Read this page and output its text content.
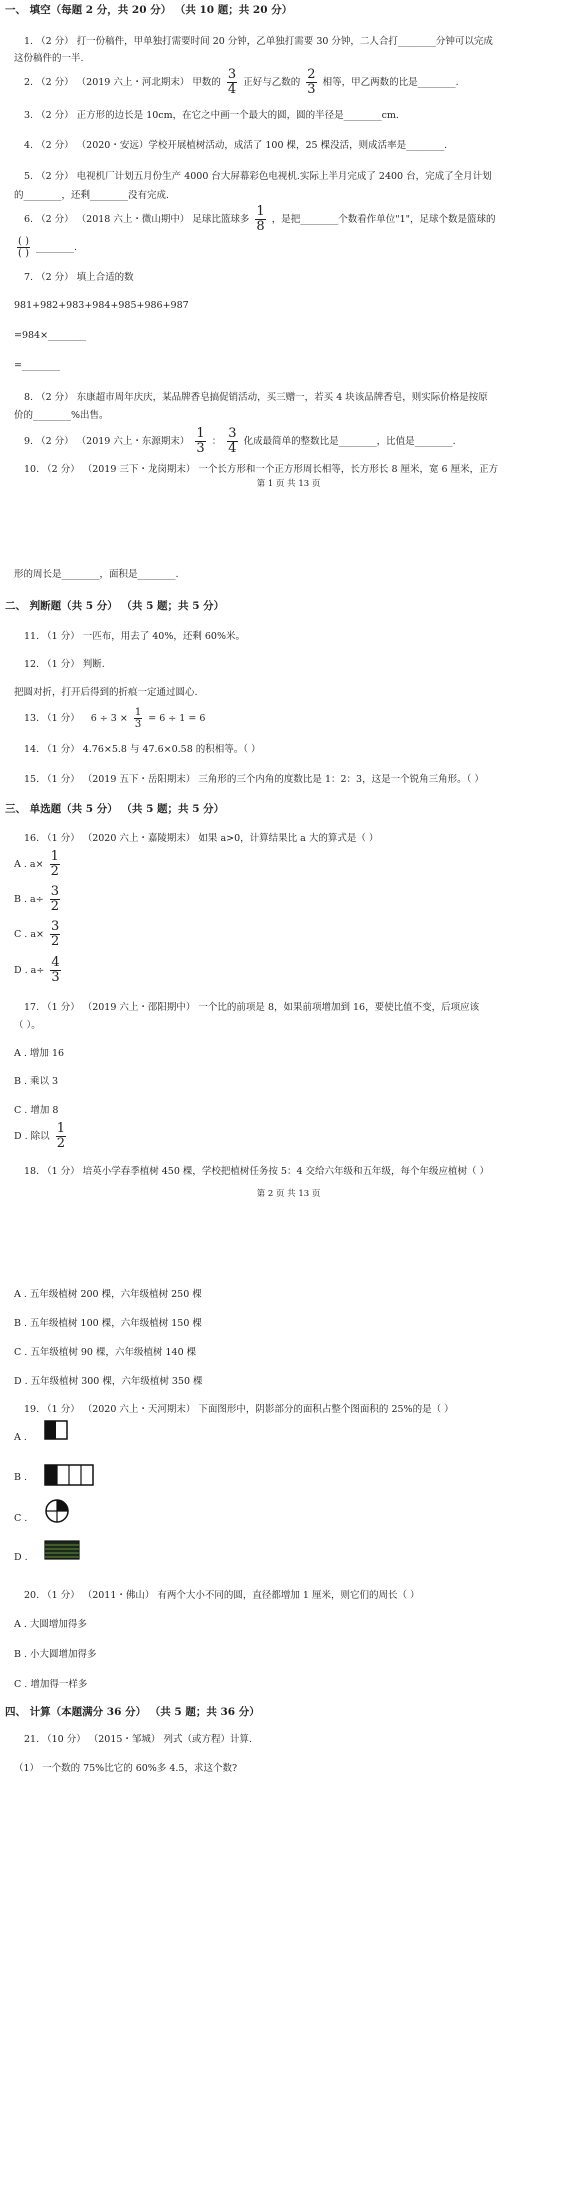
一、 填空（每题 2 分，共 20 分） （共 10 题；共 20 分）
1. （2 分） 打一份稿件，甲单独打需要时间 20 分钟，乙单独打需要 30 分钟，二人合打________分钟可以完成
这份稿件的一半.
2. （2 分） （2019 六上・河北期末） 甲数的 $\frac{3}{4}$ 正好与乙数的 $\frac{2}{3}$ 相等，甲乙两数的比是________.
3. （2 分） 正方形的边长是 10cm，在它之中画一个最大的圆，圆的半径是________cm.
4. （2 分） （2020・安远）学校开展植树活动，成活了 100 棵，25 棵没活，则成活率是________.
5. （2 分） 电视机厂计划五月份生产 4000 台大屏幕彩色电视机.实际上半月完成了 2400 台，完成了全月计划
的________，还剩________没有完成.
6. （2 分） （2018 六上・微山期中） 足球比篮球多 $\frac{1}{8}$ ，是把________个数看作单位"1"，足球个数是篮球的
$\frac{( )}{( )}$ ________.
7. （2 分） 填上合适的数
981+982+983+984+985+986+987
=984×________
=________
8. （2 分） 东康超市周年庆庆，某品牌香皂搞促销活动，买三赠一，若买 4 块该品牌香皂，则实际价格是按原
价的________%出售。
9. （2 分） （2019 六上・东源期末） $\frac{1}{3}$ ： $\frac{3}{4}$ 化成最简单的整数比是________，比值是________.
10. （2 分） （2019 三下・龙岗期末） 一个长方形和一个正方形周长相等，长方形长 8 厘米，宽 6 厘米，正方
第 1 页 共 13 页
形的周长是________，面积是________.
二、 判断题（共 5 分） （共 5 题；共 5 分）
11. （1 分） 一匹布，用去了 40%，还剩 60%米。
12. （1 分） 判断.
把圆对折，打开后得到的折痕一定通过圆心.
13. （1 分） $6 \div 3 \times \frac{1}{3} = 6 \div 1 = 6$
14. （1 分） 4.76×5.8 与 47.6×0.58 的积相等。（ ）
15. （1 分） （2019 五下・岳阳期末） 三角形的三个内角的度数比是 1：2：3，这是一个锐角三角形。（ ）
三、 单选题（共 5 分） （共 5 题；共 5 分）
16. （1 分） （2020 六上・嘉陵期末） 如果 a>0，计算结果比 a 大的算式是（ ）
A . $a\times \frac{1}{2}$
B . $a\div \frac{3}{2}$
C . $a\times \frac{3}{2}$
D . $a\div \frac{4}{3}$
17. （1 分） （2019 六上・邵阳期中） 一个比的前项是 8，如果前项增加到 16，要使比值不变，后项应该
（ ）。
A . 增加 16
B . 乘以 3
C . 增加 8
D . 除以 $\frac{1}{2}$
18. （1 分） 培英小学春季植树 450 棵，学校把植树任务按 5：4 交给六年级和五年级，每个年级应植树（ ）
第 2 页 共 13 页
A . 五年级植树 200 棵，六年级植树 250 棵
B . 五年级植树 100 棵，六年级植树 150 棵
C . 五年级植树 90 棵，六年级植树 140 棵
D . 五年级植树 300 棵，六年级植树 350 棵
19. （1 分） （2020 六上・天河期末） 下面图形中，阴影部分的面积占整个图面积的 25%的是（ ）
A .
B .
C .
D .
20. （1 分） （2011・佛山） 有两个大小不同的圆，直径都增加 1 厘米，则它们的周长（ ）
A . 大圆增加得多
B . 小大圆增加得多
C . 增加得一样多
四、 计算（本题满分 36 分） （共 5 题；共 36 分）
21. （10 分） （2015・邹城） 列式（或方程）计算.
（1） 一个数的 75%比它的 60%多 4.5，求这个数?
